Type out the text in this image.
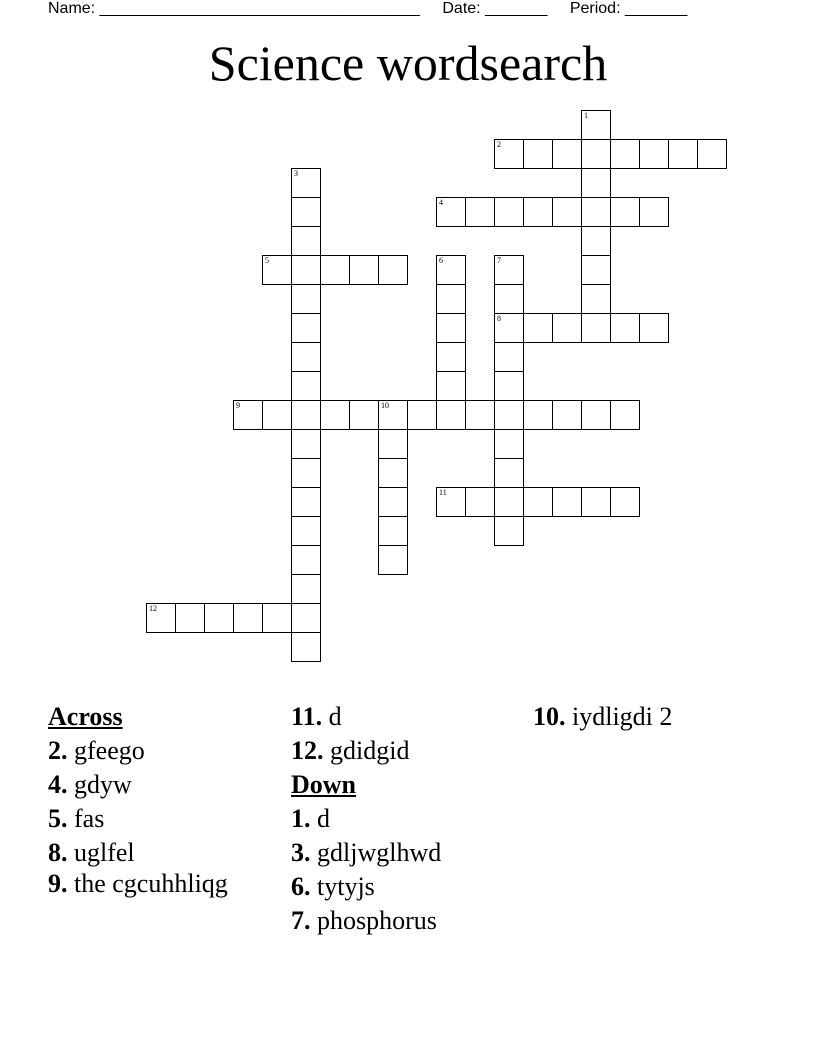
Name: ____________________________________ Date: _______ Period: _______
Science wordsearch
1
2
3
4
5	6	7
8
9	10
11
12
Across
2. gfeego
4. gdyw
5. fas
8. uglfel
9. the cgcuhhliqg
11. d
12. gdidgid
Down
1. d
3. gdljwglhwd
6. tytyjs
7. phosphorus
10. iydligdi 2
